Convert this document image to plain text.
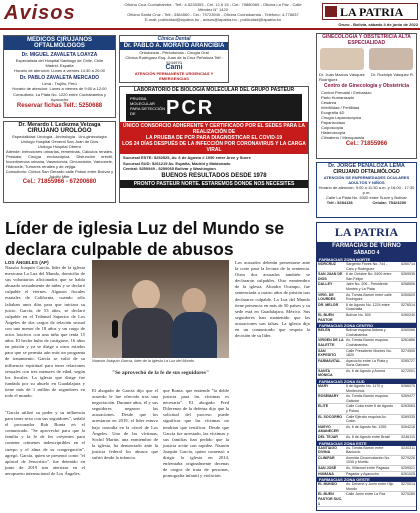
Avisos	Oficina Cruz Cochabamba - Telf.: 4-5235353 - Cel. 12 6 15 - Cel.: 79880069 - Oficina La Paz - Calle Méndez N° 1420
Oficina Santa Cruz - Telf.: 3364560 - Cel.: 79723940 - Oficina Cochabamba - Teléfono: 4-778637
E-mail: publicidad@lapatria.bo - avisos@lapatria.bo - publicidad@lapatria.bo
LA PATRIA
Oruro - Bolivia, sábado 4 de junio de 2022
MÉDICOS CIRUJANOS OFTALMÓLOGOS
Dr. MIGUEL ZAVALETA LOAYZA
Especialista del Hospital Santiago de Chile, Chile
Madrid, España
Horario de atención: Lunes a viernes 14:30 a 20:00
Dr. PABLO ZAVALETA MERCADO
Lima - Trujillo, Perú
Horario de atención: Lunes a viernes de 9:00 a 12:00
Consultorio: La Plata No. 1220 entre Cochabamba y Ayacucho
Reservar fichas Telf.: 5250688
Clínica Dental
Dr. PABLO A. MORATO ARANCIBIA
Ortodoncia - Periodoncia - Cirugía Oral
Clínica Rodríguez Esq. Juan de la Cruz Peñaloza Telf.: 5244970
Cami
ATENCIÓN PERMANENTE URGENCIAS Y EMERGENCIAS
LABORATORIO DE BIOLOGÍA MOLECULAR DEL GRUPO PASTEUR
PRUEBA MOLECULAR PARA DETECCIÓN DE	PCR
ÚNICO CONSORCIO ADHERENTE Y CERTIFICADO POR EL SEDES PARA LA REALIZACIÓN DE
LA PRUEBA DE PCR PARA DIAGNOSTICAR EL COVID-19
LOS 24 DÍAS DESPUÉS DE LA INFECCIÓN POR CORONAVIRUS Y LA CARGA VIRAL
Sucursal ESTE: 5252525, Av. 6 de Agosto # 1050 entre Arce y Sucre
Sucursal SUD: 5261215 Av. España, Madrid y Maldonado
Central: 5250949 - 5250065 Bolívar y Washington
BUENOS RESULTADOS DESDE 1978
PRONTO PASTEUR NORTE. ESTAREMOS DONDE NOS NECESITES
Dr. Merardo I. Ledezma Veizaga
CIRUJANO UROLÓGO
Especialidad: Urología - Andrología - Uro-ginecología
Urólogo Hospital General San Juan de Dios
Urólogo Hospital Obrero
Atiende: Infecciones urinarias, femeninas, Cálculos renales, Próstata, Cirugía endoscópica, Disfunción eréctil, Incontinencia urinaria, Vasectomía, Circuncisión, Varicocele, Hidrocele, Tumores renales y de vejiga.
Consultorio: Clínica San Gerardo calle Potosí entre Bolívar y Adolfo Mier
Cel.: 71855966 - 67200680
GINECOLOGÍA Y OBSTETRICIA ALTA ESPECIALIDAD
Dr. Juan Marcos Vásquez Rodríguez
Dr. Rudolph Vásquez R.
Centro de Ginecología y Obstetricia
Control Prenatal / Embarazo
Parto Humanizado
Cesárea
Infertilidad / Fertilidad
Ecografía 4D
Cirugía Laparoscópica
Papanicolaou
Colposcopia
Histeroscopia
Climaterio / Menopausia
Cel.: 71855966
Dr. JORGE PEÑALOZA LEMA
CIRUJANO OFTALMÓLOGO
ATENCIÓN DE ENFERMEDADES OCULARES ADULTOS Y NIÑOS
Horario de atención: 9:00 a 11:30 a.m. y 16:00 - 17:30 p.m.
Calle La Plata No. 6320 entre Sucre y Bolívar
Telf.: 5284136	Celular: 75423200
Líder de iglesia Luz del Mundo se declara culpable de abusos
LOS ÁNGELES (AP)
Naasón Joaquín García, líder de la iglesia mexicana La Luz del Mundo, domicilio de sus voluntarios aficionados que se habla abusado sexualmente de niñas y se declaró culpable el viernes. Algunos fiscales estatales de California, cuando sólo faltaban unos días para que iniciara su juicio. García, de 53 años, se declaró culpable en el Tribunal Superior de Los Ángeles de dos cargos de relación sexual con una menor de 18 años y un cargo de actos lascivos con una niña que tenía 15 años. El hecho hubo de castigarse, 16 años en prisión y ya se dirige a otros estados para que se permita aún más un programa de tratamiento. García se valió de su influencia espiritual para tener relaciones sexuales con tres menores de edad, según los fiscales. La iglesia que dirige fue fundada por su abuelo en Guadalajara y tiene más de 1 millón de seguidores en todo el mundo.
"García utilizó su poder y su influencia para tener sexo con sus seguidores", señaló el procurador Rob Bonta en el comunicado. "Se aprovechó para que la familia y la fe de los creyentes para cometer crímenes indescriptibles en el cuerpo y el alma de su congregación", agregó. García, quien se presentó como "el apóstol de Jesucristo", fue detenido en junio de 2019 tras aterrizar en el aeropuerto internacional de Los Ángeles.
Naasón Joaquín García, líder de la iglesia La Luz del Mundo
"Se aprovechó de la fe de sus seguidores"
El abogado de García dijo que el acuerdo le fue ofrecido tras una negociación. Durante años, él y sus seguidores negaron las acusaciones. Desde que los arrestaron en 2019, el líder estuvo bajo custodia en la cárcel de Los Ángeles. Una de las víctimas, Sochil Martin, una exmiembro de la iglesia, ha denunciado ante la justicia federal los abusos que sufrió desde la infancia.
que Bonta, que entiende "la doble justicia para las víctimas es necesaria". El abogado Fred Dilorenzo de la defensa dijo que la solicitud del proceso puede significar que las víctimas no tendrían que testificar. Desde que García fue arrestado, las víctimas y sus familias han pedido que la justicia actúe con rapidez. Naasón Joaquín García, quien comenzó a dirigir la iglesia en 2014, enfrentaba originalmente decenas de cargos de trata de personas, pornografía infantil y violación.
Los acusados deberán presentarse ante la corte para la lectura de la sentencia. Otros dos acusados también se declararon culpables. Otro exmiembro de la iglesia, Alondra Ocampo, fue sentenciada a cuatro años de prisión tras declararse culpable. La Luz del Mundo tiene presencia en más de 50 países y su sede está en Guadalajara, México. Sus seguidores han mantenido que las acusaciones son falsas. La iglesia dijo en un comunicado que respeta la decisión de su líder.
LA PATRIA
FARMACIAS DE TURNO
SÁBADO 4
FARMACIAS ZONA NORTE
NORCRUZ	Sargento Flores No. 744 - Caro y Rodríguez	5260714
SAN JUAN DE DIOS	6 de Octubre No. 5400 entre San Felipe	5269535
DALLEY	Jaén No. 206 - Presidente Montes y La Plata	5268506
VIRG. DE LOURDES	Av. Tomás Barrón entre calle Rodríguez	5260620
DR. MELOR	6 de Agosto No. 1224 entre Guachalla	5276514
EL BUEN PASTOR	Bolívar No. 500	5260240
FARMACIAS ZONA CENTRO
BELÉN	Bolívar esquina Aldana y Cochabamba	5260066
VIRGEN DE LA SALETTE	Av. Tomás Barrón esquina Cochabamba	5261886
SAN EXPEDITO	Calle Presidente Montes No. 1820	5274905
FARMAVITAL	Ayacucho entre La Plata y Soria Galvarro	5265727
SANTA MÓNICA	Av. 6 de Agosto y Aroma	5272001
FARMACIAS ZONA SUD
MARY	6 de Agosto No. 1170 y Montecinos	5266075
ROSEMARY	Av. Tomás Barrón esquina Gaikoke	5269477
ELITE	Calle Cuba entre 6 de Agosto y Potosí	5263063
EL SOCORRO	Calle Ejército esquina Av. Colón	5269335
NUEVO AMANECER	Av. 6 de Agosto No. 1255	5264218
DEL TEJAR	Av. 6 de Agosto entre Brasil	5246110
FARMACIAS ZONA ESTE
SANTIAGO DIVINA	Av. Tomás Barrón entre Backovic	5240311
CLINIFAR	Avenida Circunvalación No. 1035 y Murillo	5279226
SAN JOSÉ	Av. Villarroel entre Pagador	5259521
HUMANA	Pagador y Ayacucho	5261025
FARMACIAS ZONA OESTE
EL MUNDO	Av. Dehene y Junín entre Hijo Mundo	5270014
EL BUEN PASTOR SUC. 1	Calle Junín entre La Paz	5270280
